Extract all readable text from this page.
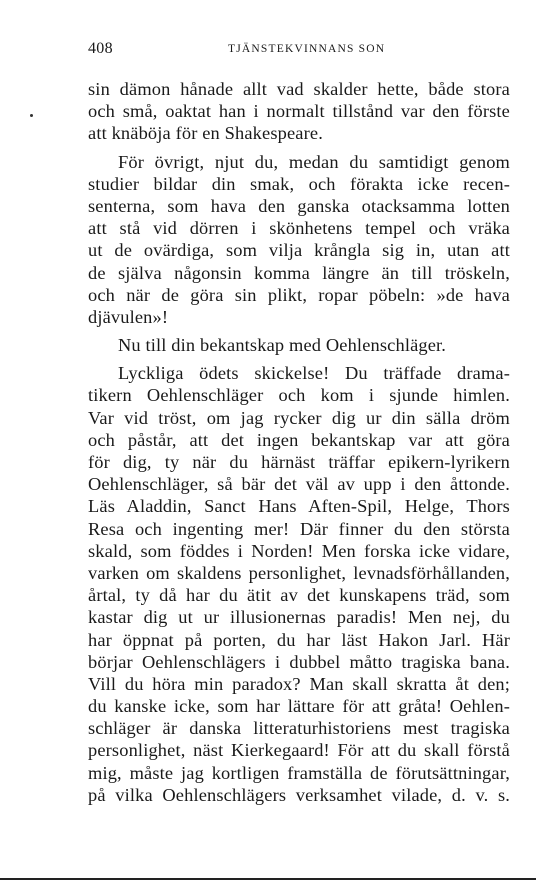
408	TJÄNSTEKVINNANS SON
sin dämon hånade allt vad skalder hette, både stora
och små, oaktat han i normalt tillstånd var den förste
att knäböja för en Shakespeare.
För övrigt, njut du, medan du samtidigt genom
studier bildar din smak, och förakta icke recen-
senterna, som hava den ganska otacksamma lotten
att stå vid dörren i skönhetens tempel och vräka
ut de ovärdiga, som vilja krångla sig in, utan att
de själva någonsin komma längre än till tröskeln,
och när de göra sin plikt, ropar pöbeln: »de hava
djävulen»!
Nu till din bekantskap med Oehlenschläger.
Lyckliga ödets skickelse! Du träffade drama-
tikern Oehlenschläger och kom i sjunde himlen.
Var vid tröst, om jag rycker dig ur din sälla dröm
och påstår, att det ingen bekantskap var att göra
för dig, ty när du härnäst träffar epikern-lyrikern
Oehlenschläger, så bär det väl av upp i den åttonde.
Läs Aladdin, Sanct Hans Aften-Spil, Helge, Thors
Resa och ingenting mer! Där finner du den största
skald, som föddes i Norden! Men forska icke vidare,
varken om skaldens personlighet, levnadsförhållanden,
årtal, ty då har du ätit av det kunskapens träd, som
kastar dig ut ur illusionernas paradis! Men nej, du
har öppnat på porten, du har läst Hakon Jarl. Här
börjar Oehlenschlägers i dubbel måtto tragiska bana.
Vill du höra min paradox? Man skall skratta åt den;
du kanske icke, som har lättare för att gråta! Oehlen-
schläger är danska litteraturhistoriens mest tragiska
personlighet, näst Kierkegaard! För att du skall förstå
mig, måste jag kortligen framställa de förutsättningar,
på vilka Oehlenschlägers verksamhet vilade, d. v. s.
